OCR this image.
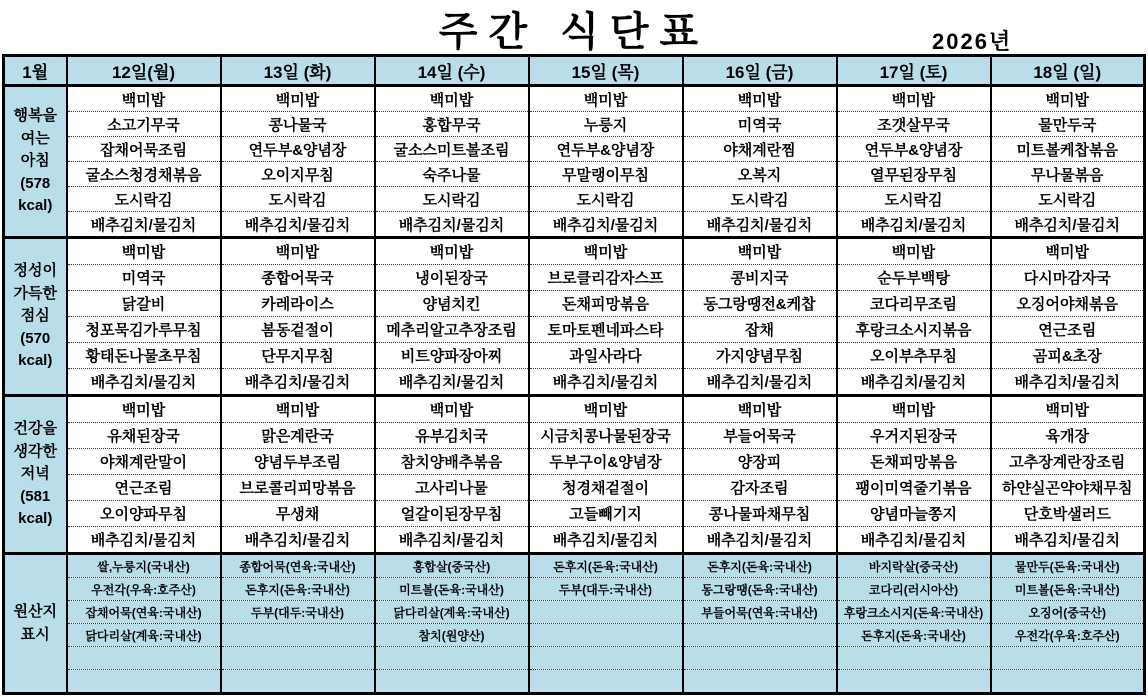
주간 식단표	2026년
1월	12일(월)	13일 (화)	14일 (수)	15일 (목)	16일 (금)	17일 (토)	18일 (일)

행복을
여는
아침
(578
kcal)	백미밥	백미밥	백미밥	백미밥	백미밥	백미밥	백미밥
	소고기무국	콩나물국	홍합무국	누룽지	미역국	조갯살무국	물만두국
	잡채어묵조림	연두부&양념장	굴소스미트볼조림	연두부&양념장	야채계란찜	연두부&양념장	미트볼케찹볶음
	굴소스청경채볶음	오이지무침	숙주나물	무말랭이무침	오복지	열무된장무침	무나물볶음
	도시락김	도시락김	도시락김	도시락김	도시락김	도시락김	도시락김
	배추김치/물김치	배추김치/물김치	배추김치/물김치	배추김치/물김치	배추김치/물김치	배추김치/물김치	배추김치/물김치

정성이
가득한
점심
(570
kcal)	백미밥	백미밥	백미밥	백미밥	백미밥	백미밥	백미밥
	미역국	종합어묵국	냉이된장국	브로클리감자스프	콩비지국	순두부백탕	다시마감자국
	닭갈비	카레라이스	양념치킨	돈채피망볶음	동그랑땡전&케찹	코다리무조림	오징어야채볶음
	청포묵김가루무침	봄동겉절이	메추리알고추장조림	토마토펜네파스타	잡채	후랑크소시지볶음	연근조림
	황태돈나물초무침	단무지무침	비트양파장아찌	과일사라다	가지양념무침	오이부추무침	곰피&초장
	배추김치/물김치	배추김치/물김치	배추김치/물김치	배추김치/물김치	배추김치/물김치	배추김치/물김치	배추김치/물김치

건강을
생각한
저녁
(581
kcal)	백미밥	백미밥	백미밥	백미밥	백미밥	백미밥	백미밥
	유채된장국	맑은계란국	유부김치국	시금치콩나물된장국	부들어묵국	우거지된장국	육개장
	야채계란말이	양념두부조림	참치양배추볶음	두부구이&양념장	양장피	돈채피망볶음	고추장계란장조림
	연근조림	브로콜리피망볶음	고사리나물	청경채겉절이	감자조림	팽이미역줄기볶음	하얀실곤약야채무침
	오이양파무침	무생채	얼갈이된장무침	고들빼기지	콩나물파채무침	양념마늘쫑지	단호박샐러드
	배추김치/물김치	배추김치/물김치	배추김치/물김치	배추김치/물김치	배추김치/물김치	배추김치/물김치	배추김치/물김치

원산지
표시	쌀,누룽지(국내산)	종합어묵(연육:국내산)	홍합살(중국산)	돈후지(돈육:국내산)	돈후지(돈육:국내산)	바지락살(중국산)	물만두(돈육:국내산)
	우전각(우육:호주산)	돈후지(돈육:국내산)	미트볼(돈육:국내산)	두부(대두:국내산)	동그랑땡(돈육:국내산)	코다리(러시아산)	미트볼(돈육:국내산)
	잡채어묵(연육:국내산)	두부(대두:국내산)	닭다리살(계육:국내산)		부들어묵(연육:국내산)	후랑크소시지(돈육:국내산)	오징어(중국산)
	닭다리살(계육:국내산)		참치(원양산)			돈후지(돈육:국내산)	우전각(우육:호주산)
